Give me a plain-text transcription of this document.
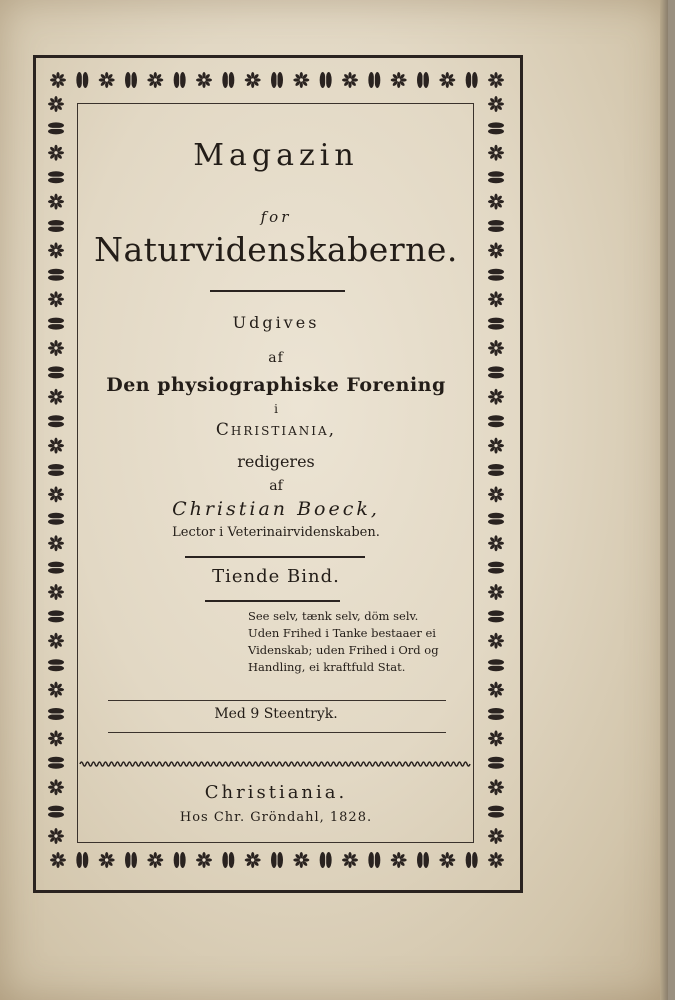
Magazin
for
Naturvidenskaberne.
Udgives
af
Den physiographiske Forening
i
Christiania,
redigeres
af
Christian Boeck,
Lector i Veterinairvidenskaben.
Tiende Bind.
See selv, tænk selv, döm selv.
Uden Frihed i Tanke bestaaer ei
Videnskab; uden Frihed i Ord og
Handling, ei kraftfuld Stat.
Med 9 Steentryk.
Christiania.
Hos Chr. Gröndahl, 1828.
